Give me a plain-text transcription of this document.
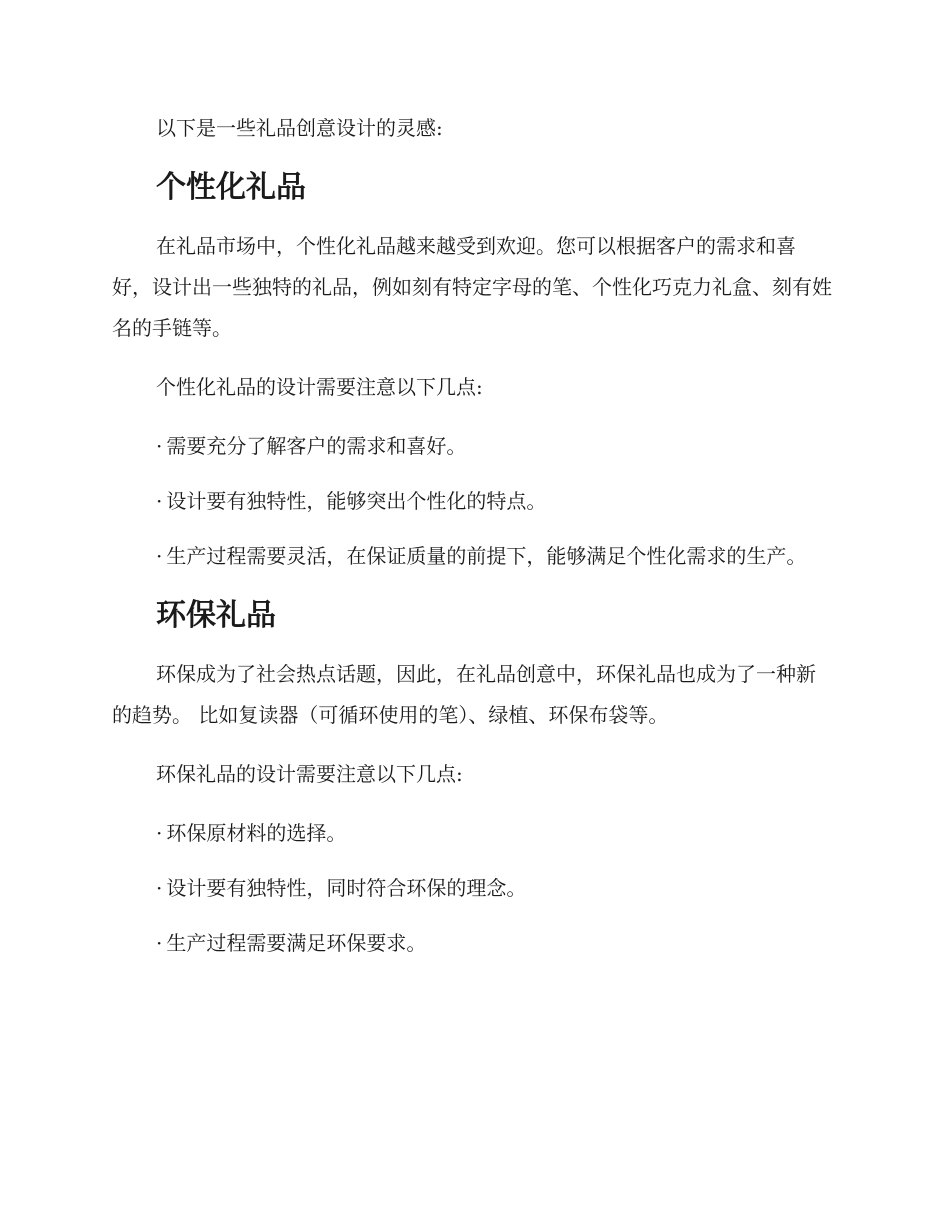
以下是一些礼品创意设计的灵感:

个性化礼品

在礼品市场中，个性化礼品越来越受到欢迎。您可以根据客户的需求和喜好，设计出一些独特的礼品，例如刻有特定字母的笔、个性化巧克力礼盒、刻有姓名的手链等。

个性化礼品的设计需要注意以下几点:

· 需要充分了解客户的需求和喜好。

· 设计要有独特性，能够突出个性化的特点。

· 生产过程需要灵活，在保证质量的前提下，能够满足个性化需求的生产。

环保礼品

环保成为了社会热点话题，因此，在礼品创意中，环保礼品也成为了一种新的趋势。 比如复读器（可循环使用的笔）、绿植、环保布袋等。

环保礼品的设计需要注意以下几点:

· 环保原材料的选择。

· 设计要有独特性，同时符合环保的理念。

· 生产过程需要满足环保要求。
